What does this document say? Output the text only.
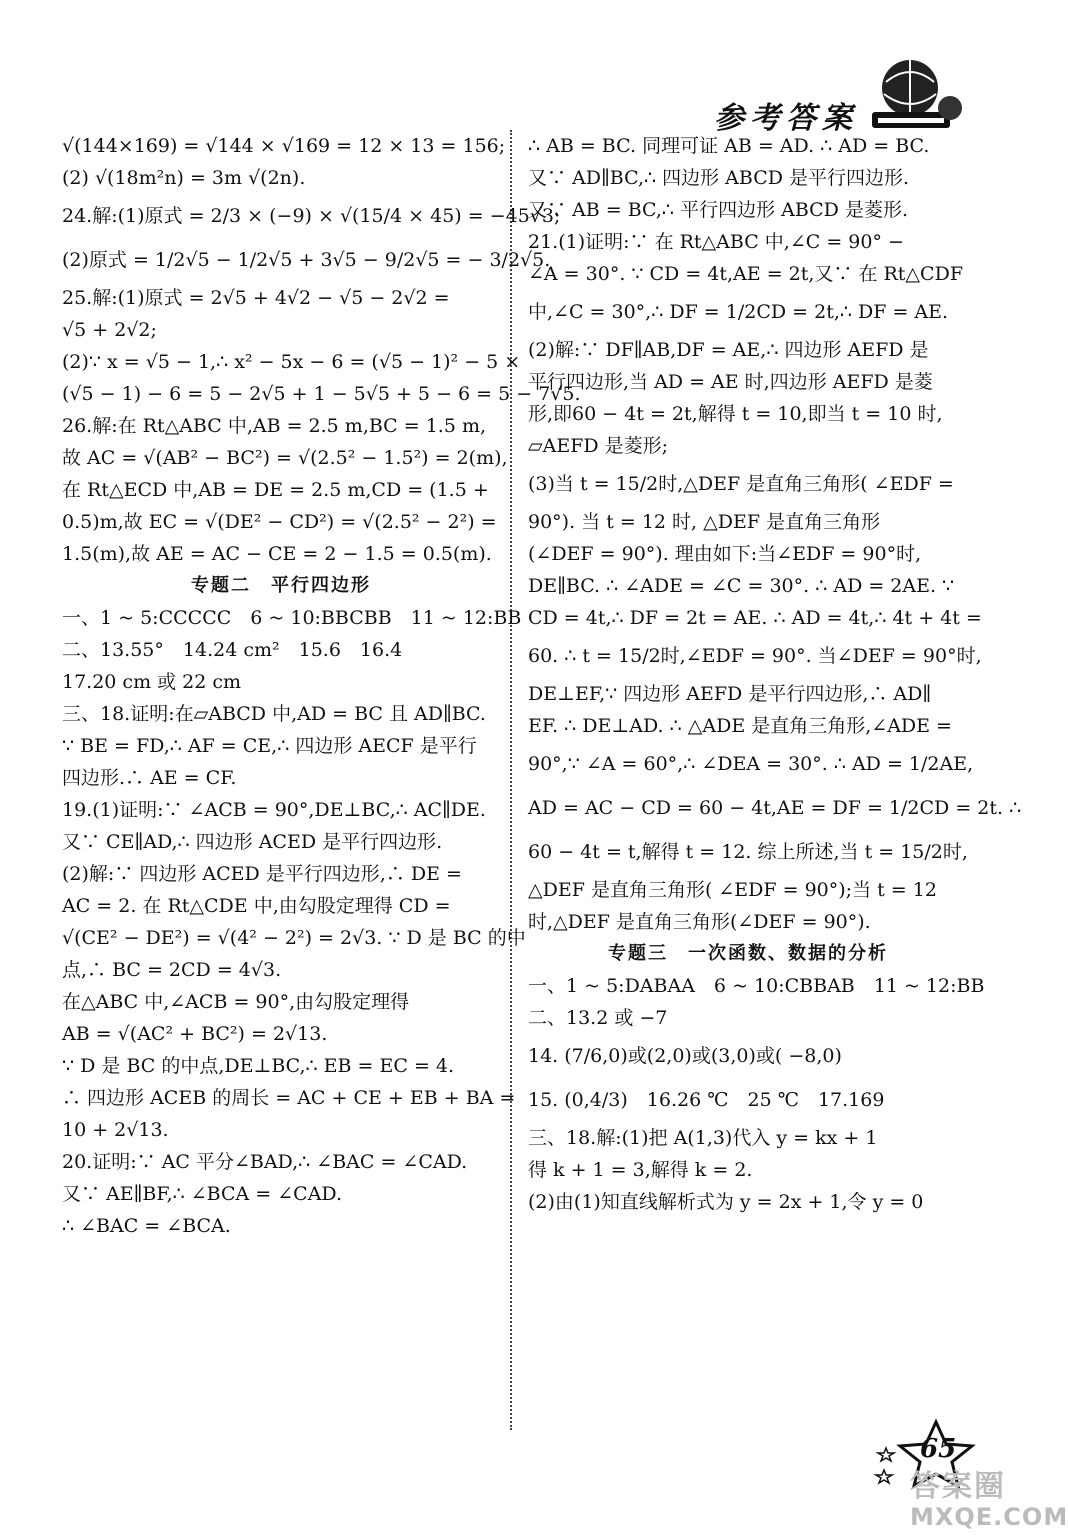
参考答案
√(144×169) = √144 × √169 = 12 × 13 = 156;
(2) √(18m²n) = 3m √(2n).
24.解:(1)原式 = 2/3 × (−9) × √(15/4 × 45) = −45√3;
(2)原式 = 1/2√5 − 1/2√5 + 3√5 − 9/2√5 = − 3/2√5.
25.解:(1)原式 = 2√5 + 4√2 − √5 − 2√2 =
√5 + 2√2;
(2)∵ x = √5 − 1,∴ x² − 5x − 6 = (√5 − 1)² − 5 ×
(√5 − 1) − 6 = 5 − 2√5 + 1 − 5√5 + 5 − 6 = 5 − 7√5.
26.解:在 Rt△ABC 中,AB = 2.5 m,BC = 1.5 m,
故 AC = √(AB² − BC²) = √(2.5² − 1.5²) = 2(m),
在 Rt△ECD 中,AB = DE = 2.5 m,CD = (1.5 +
0.5)m,故 EC = √(DE² − CD²) = √(2.5² − 2²) =
1.5(m),故 AE = AC − CE = 2 − 1.5 = 0.5(m).
专题二　平行四边形
一、1 ~ 5:CCCCC　6 ~ 10:BBCBB　11 ~ 12:BB
二、13.55°　14.24 cm²　15.6　16.4
17.20 cm 或 22 cm
三、18.证明:在▱ABCD 中,AD = BC 且 AD∥BC.
∵ BE = FD,∴ AF = CE,∴ 四边形 AECF 是平行
四边形.∴ AE = CF.
19.(1)证明:∵ ∠ACB = 90°,DE⊥BC,∴ AC∥DE.
又∵ CE∥AD,∴ 四边形 ACED 是平行四边形.
(2)解:∵ 四边形 ACED 是平行四边形,∴ DE =
AC = 2. 在 Rt△CDE 中,由勾股定理得 CD =
√(CE² − DE²) = √(4² − 2²) = 2√3. ∵ D 是 BC 的中
点,∴ BC = 2CD = 4√3.
在△ABC 中,∠ACB = 90°,由勾股定理得
AB = √(AC² + BC²) = 2√13.
∵ D 是 BC 的中点,DE⊥BC,∴ EB = EC = 4.
∴ 四边形 ACEB 的周长 = AC + CE + EB + BA =
10 + 2√13.
20.证明:∵ AC 平分∠BAD,∴ ∠BAC = ∠CAD.
又∵ AE∥BF,∴ ∠BCA = ∠CAD.
∴ ∠BAC = ∠BCA.
∴ AB = BC. 同理可证 AB = AD. ∴ AD = BC.
又∵ AD∥BC,∴ 四边形 ABCD 是平行四边形.
又∵ AB = BC,∴ 平行四边形 ABCD 是菱形.
21.(1)证明:∵ 在 Rt△ABC 中,∠C = 90° −
∠A = 30°. ∵ CD = 4t,AE = 2t,又∵ 在 Rt△CDF
中,∠C = 30°,∴ DF = 1/2CD = 2t,∴ DF = AE.
(2)解:∵ DF∥AB,DF = AE,∴ 四边形 AEFD 是
平行四边形,当 AD = AE 时,四边形 AEFD 是菱
形,即60 − 4t = 2t,解得 t = 10,即当 t = 10 时,
▱AEFD 是菱形;
(3)当 t = 15/2时,△DEF 是直角三角形( ∠EDF =
90°). 当 t = 12 时, △DEF 是直角三角形
(∠DEF = 90°). 理由如下:当∠EDF = 90°时,
DE∥BC. ∴ ∠ADE = ∠C = 30°. ∴ AD = 2AE. ∵
CD = 4t,∴ DF = 2t = AE. ∴ AD = 4t,∴ 4t + 4t =
60. ∴ t = 15/2时,∠EDF = 90°. 当∠DEF = 90°时,
DE⊥EF,∵ 四边形 AEFD 是平行四边形,∴ AD∥
EF. ∴ DE⊥AD. ∴ △ADE 是直角三角形,∠ADE =
90°,∵ ∠A = 60°,∴ ∠DEA = 30°. ∴ AD = 1/2AE,
AD = AC − CD = 60 − 4t,AE = DF = 1/2CD = 2t. ∴
60 − 4t = t,解得 t = 12. 综上所述,当 t = 15/2时,
△DEF 是直角三角形( ∠EDF = 90°);当 t = 12
时,△DEF 是直角三角形(∠DEF = 90°).
专题三　一次函数、数据的分析
一、1 ~ 5:DABAA　6 ~ 10:CBBAB　11 ~ 12:BB
二、13.2 或 −7
14. (7/6,0)或(2,0)或(3,0)或( −8,0)
15. (0,4/3)　16.26 ℃　25 ℃　17.169
三、18.解:(1)把 A(1,3)代入 y = kx + 1
得 k + 1 = 3,解得 k = 2.
(2)由(1)知直线解析式为 y = 2x + 1,令 y = 0
65
答案圈
MXQE.COM
